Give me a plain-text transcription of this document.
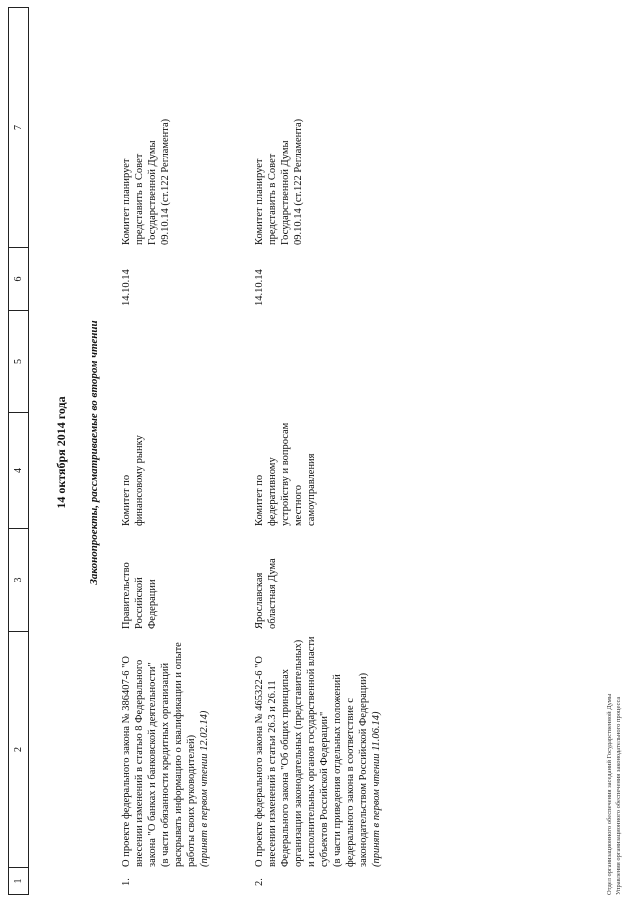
1
2
3
4
5
6
7
14 октября 2014 года Законопроекты, рассматриваемые во втором чтении
1.

О проекте федерального закона № 386407-6 "О внесении изменений в статью 8 Федерального закона "О банках и банковской деятельности" (в части обязанности кредитных организаций раскрывать информацию о квалификации и опыте работы своих руководителей) (принят в первом чтении 12.02.14)

Правительство Российской Федерации
Комитет по финансовому рынку
14.10.14
Комитет планирует представить в Совет Государственной Думы 09.10.14 (ст.122 Регламента)
2.

О проекте федерального закона № 465322-6 "О внесении изменений в статьи 26.3 и 26.11 Федерального закона "Об общих принципах организации законодательных (представительных) и исполнительных органов государственной власти субъектов Российской Федерации" (в части приведения отдельных положений федерального закона в соответствие с законодательством Российской Федерации) (принят в первом чтении 11.06.14)

Ярославская областная Дума
Комитет по федеративному устройству и вопросам местного самоуправления
14.10.14
Комитет планирует представить в Совет Государственной Думы 09.10.14 (ст.122 Регламента)
Отдел организационного обеспечения заседаний Государственной Думы Управления организационного обеспечения законодательного процесса
